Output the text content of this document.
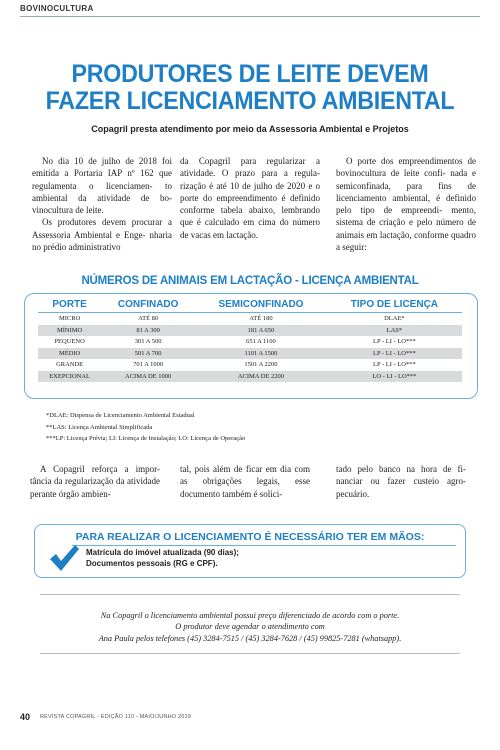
BOVINOCULTURA
PRODUTORES DE LEITE DEVEM
FAZER LICENCIAMENTO AMBIENTAL
Copagril presta atendimento por meio da Assessoria Ambiental e Projetos

No dia 10 de julho de 2018 foi emitida a Portaria IAP nº 162 que regulamenta o licenciamen- to ambiental da atividade de bo- vinocultura de leite.

Os produtores devem procurar a Assessoria Ambiental e Enge- nharia no prédio administrativo

da Copagril para regularizar a atividade. O prazo para a regula- rização é até 10 de julho de 2020 e o porte do empreendimento é definido conforme tabela abaixo, lembrando que é calculado em cima do número de vacas em lactação.

O porte dos empreendimentos de bovinocultura de leite confi- nada e semiconfinada, para fins de licenciamento ambiental, é definido pelo tipo de empreendi- mento, sistema de criação e pelo número de animais em lactação, conforme quadro a seguir:

NÚMEROS DE ANIMAIS EM LACTAÇÃO - LICENÇA AMBIENTAL
PORTE	CONFINADO	SEMICONFINADO	TIPO DE LICENÇA
MICRO	ATÉ 80	ATÉ 180	DLAE*
MÍNIMO	81 A 300	181 A 650	LAS*
PEQUENO	301 A 500	651 A 1100	LP - LI - LO***
MÉDIO	501 A 700	1101 A 1500	LP - LI - LO***
GRANDE	701 A 1000	1501 A 2200	LP - LI - LO***
EXEPCIONAL	ACIMA DE 1000	ACIMA DE 2200	LO - LI - LO***
*DLAE: Dispensa de Licenciamento Ambiental Estadual
**LAS: Licença Ambiental Simplificada
***LP: Licença Prévia; LI: Licença de Instalação; LO: Licença de Operação

A Copagril reforça a impor- tância da regularização da atividade perante órgão ambien-

tal, pois além de ficar em dia com as obrigações legais, esse documento também é solici-

tado pelo banco na hora de fi- nanciar ou fazer custeio agro- pecuário.

PARA REALIZAR O LICENCIAMENTO É NECESSÁRIO TER EM MÃOS:
Matrícula do imóvel atualizada (90 dias);
Documentos pessoais (RG e CPF).
Na Copagril o licenciamento ambiental possui preço diferenciado de acordo com o porte.
O produtor deve agendar o atendimento com
Ana Paula pelos telefones (45) 3284-7515 / (45) 3284-7628 / (45) 99825-7281 (whatsapp).
40 REVISTA COPAGRIL - EDIÇÃO 110 - MAIO/JUNHO 2019
